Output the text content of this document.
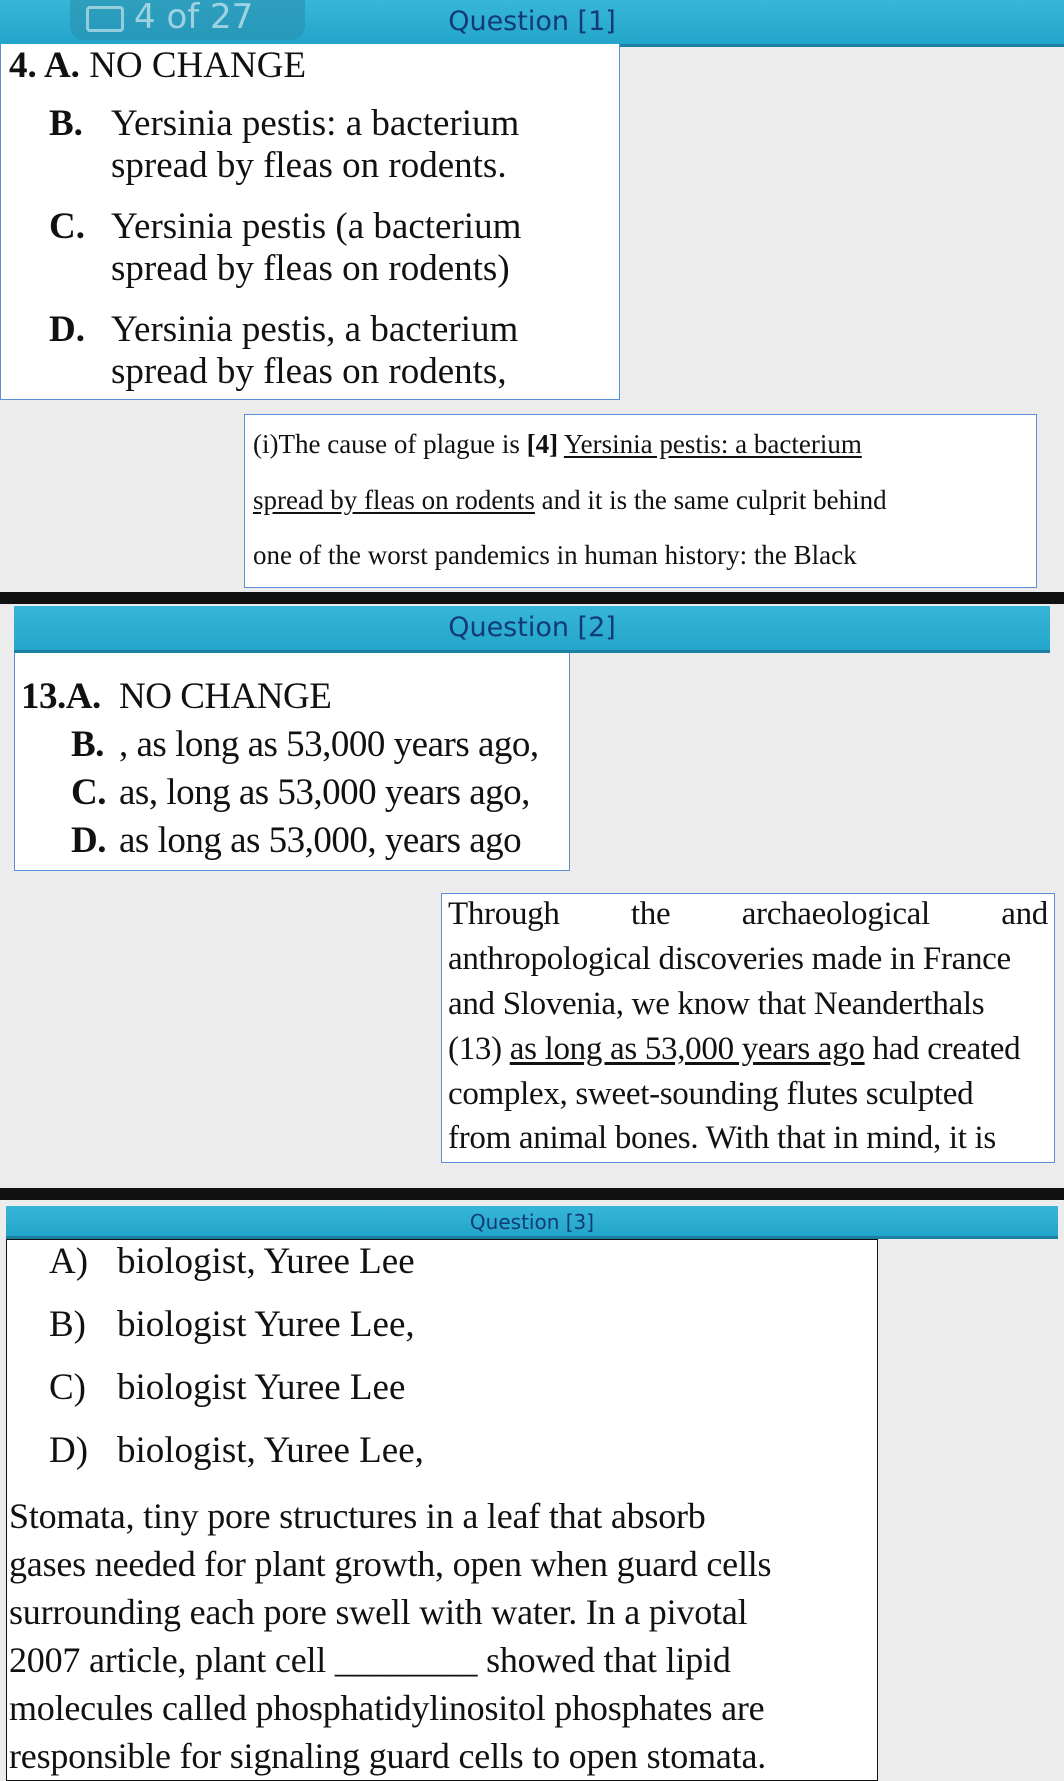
Question [1]
4 of 27
4. A. NO CHANGE
B. Yersinia pestis: a bacterium
spread by fleas on rodents.
C. Yersinia pestis (a bacterium
spread by fleas on rodents)
D. Yersinia pestis, a bacterium
spread by fleas on rodents,
(i)The cause of plague is [4] Yersinia pestis: a bacterium
spread by fleas on rodents and it is the same culprit behind
one of the worst pandemics in human history: the Black
Question [2]
13.A. NO CHANGE
B. , as long as 53,000 years ago,
C. as, long as 53,000 years ago,
D. as long as 53,000, years ago
Through the archaeological and
anthropological discoveries made in France
and Slovenia, we know that Neanderthals
(13) as long as 53,000 years ago had created
complex, sweet-sounding flutes sculpted
from animal bones. With that in mind, it is
Question [3]
A) biologist, Yuree Lee
B) biologist Yuree Lee,
C) biologist Yuree Lee
D) biologist, Yuree Lee,
Stomata, tiny pore structures in a leaf that absorb
gases needed for plant growth, open when guard cells
surrounding each pore swell with water. In a pivotal
2007 article, plant cell ________ showed that lipid
molecules called phosphatidylinositol phosphates are
responsible for signaling guard cells to open stomata.
